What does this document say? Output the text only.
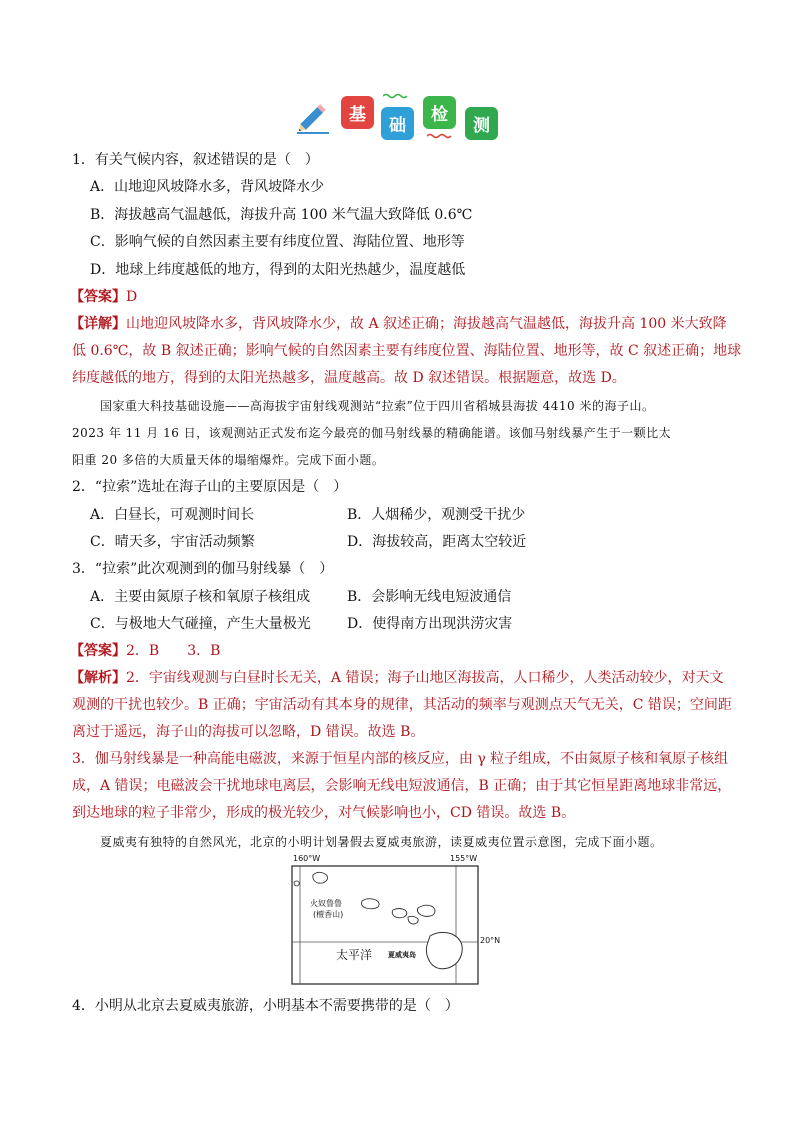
基
础
检
测
1．有关气候内容，叙述错误的是（　）
A．山地迎风坡降水多，背风坡降水少
B．海拔越高气温越低，海拔升高 100 米气温大致降低 0.6℃
C．影响气候的自然因素主要有纬度位置、海陆位置、地形等
D．地球上纬度越低的地方，得到的太阳光热越少，温度越低
【答案】D
【详解】山地迎风坡降水多，背风坡降水少，故 A 叙述正确；海拔越高气温越低，海拔升高 100 米大致降
低 0.6℃，故 B 叙述正确；影响气候的自然因素主要有纬度位置、海陆位置、地形等，故 C 叙述正确；地球
纬度越低的地方，得到的太阳光热越多，温度越高。故 D 叙述错误。根据题意，故选 D。
国家重大科技基础设施——高海拔宇宙射线观测站“拉索”位于四川省稻城县海拔 4410 米的海子山。
2023 年 11 月 16 日，该观测站正式发布迄今最亮的伽马射线暴的精确能谱。该伽马射线暴产生于一颗比太
阳重 20 多倍的大质量天体的塌缩爆炸。完成下面小题。
2．“拉索”选址在海子山的主要原因是（　）
A．白昼长，可观测时间长	B．人烟稀少，观测受干扰少
C．晴天多，宇宙活动频繁	D．海拔较高，距离太空较近
3．“拉索”此次观测到的伽马射线暴（　）
A．主要由氮原子核和氧原子核组成	B．会影响无线电短波通信
C．与极地大气碰撞，产生大量极光	D．使得南方出现洪涝灾害
【答案】2．B　　3．B
【解析】2．宇宙线观测与白昼时长无关，A 错误；海子山地区海拔高，人口稀少，人类活动较少，对天文
观测的干扰也较少。B 正确；宇宙活动有其本身的规律，其活动的频率与观测点天气无关，C 错误；空间距
离过于遥远，海子山的海拔可以忽略，D 错误。故选 B。
3．伽马射线暴是一种高能电磁波，来源于恒星内部的核反应，由 γ 粒子组成，不由氮原子核和氧原子核组
成，A 错误；电磁波会干扰地球电离层，会影响无线电短波通信，B 正确；由于其它恒星距离地球非常远，
到达地球的粒子非常少，形成的极光较少，对气候影响也小，CD 错误。故选 B。
夏威夷有独特的自然风光，北京的小明计划暑假去夏威夷旅游，读夏威夷位置示意图，完成下面小题。
160°W	155°W
20°N
火奴鲁鲁
(檀香山)
太平洋 夏威夷岛
4．小明从北京去夏威夷旅游，小明基本不需要携带的是（　）
